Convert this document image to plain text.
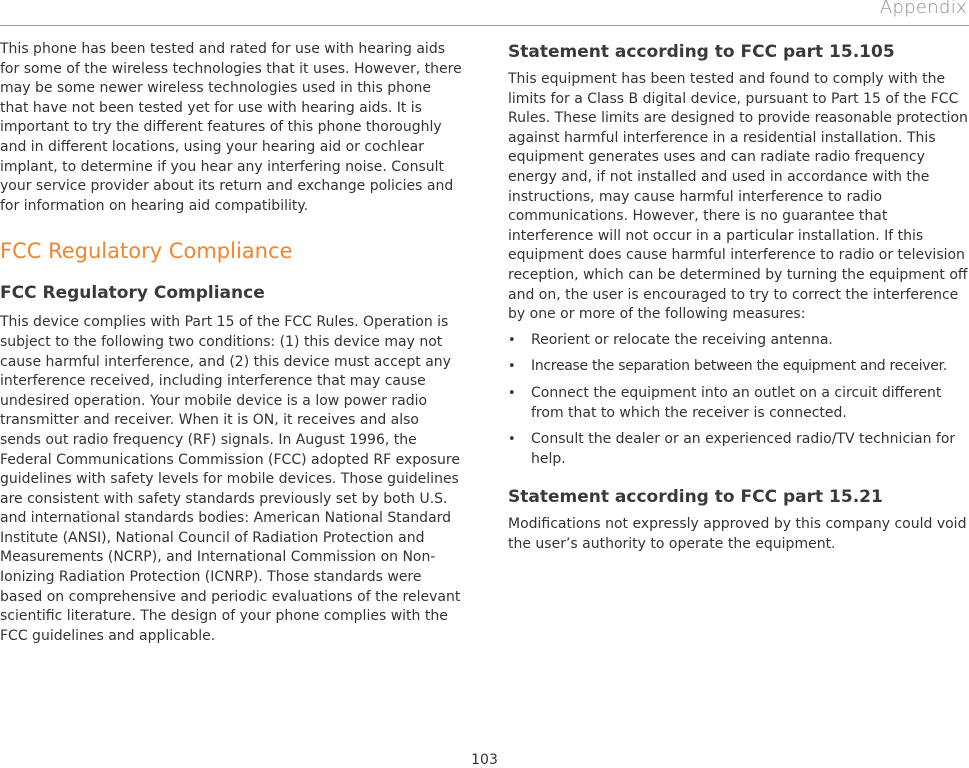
Appendix

This phone has been tested and rated for use with hearing aids for some of the wireless technologies that it uses. However, there may be some newer wireless technologies used in this phone that have not been tested yet for use with hearing aids. It is important to try the different features of this phone thoroughly and in different locations, using your hearing aid or cochlear implant, to determine if you hear any interfering noise. Consult your service provider about its return and exchange policies and for information on hearing aid compatibility.

FCC Regulatory Compliance
FCC Regulatory Compliance

This device complies with Part 15 of the FCC Rules. Operation is subject to the following two conditions: (1) this device may not cause harmful interference, and (2) this device must accept any interference received, including interference that may cause undesired operation. Your mobile device is a low power radio transmitter and receiver. When it is ON, it receives and also sends out radio frequency (RF) signals. In August 1996, the Federal Communications Commission (FCC) adopted RF exposure guidelines with safety levels for mobile devices. Those guidelines are consistent with safety standards previously set by both U.S. and international standards bodies: American National Standard Institute (ANSI), National Council of Radiation Protection and Measurements (NCRP), and International Commission on Non-Ionizing Radiation Protection (ICNRP). Those standards were based on comprehensive and periodic evaluations of the relevant scientific literature. The design of your phone complies with the FCC guidelines and applicable.

Statement according to FCC part 15.105

This equipment has been tested and found to comply with the limits for a Class B digital device, pursuant to Part 15 of the FCC Rules. These limits are designed to provide reasonable protection against harmful interference in a residential installation. This equipment generates uses and can radiate radio frequency energy and, if not installed and used in accordance with the instructions, may cause harmful interference to radio communications. However, there is no guarantee that interference will not occur in a particular installation. If this equipment does cause harmful interference to radio or television reception, which can be determined by turning the equipment off and on, the user is encouraged to try to correct the interference by one or more of the following measures:

• Reorient or relocate the receiving antenna.
• Increase the separation between the equipment and receiver.
• Connect the equipment into an outlet on a circuit different from that to which the receiver is connected.
• Consult the dealer or an experienced radio/TV technician for help.
Statement according to FCC part 15.21

Modifications not expressly approved by this company could void the user’s authority to operate the equipment.

103
